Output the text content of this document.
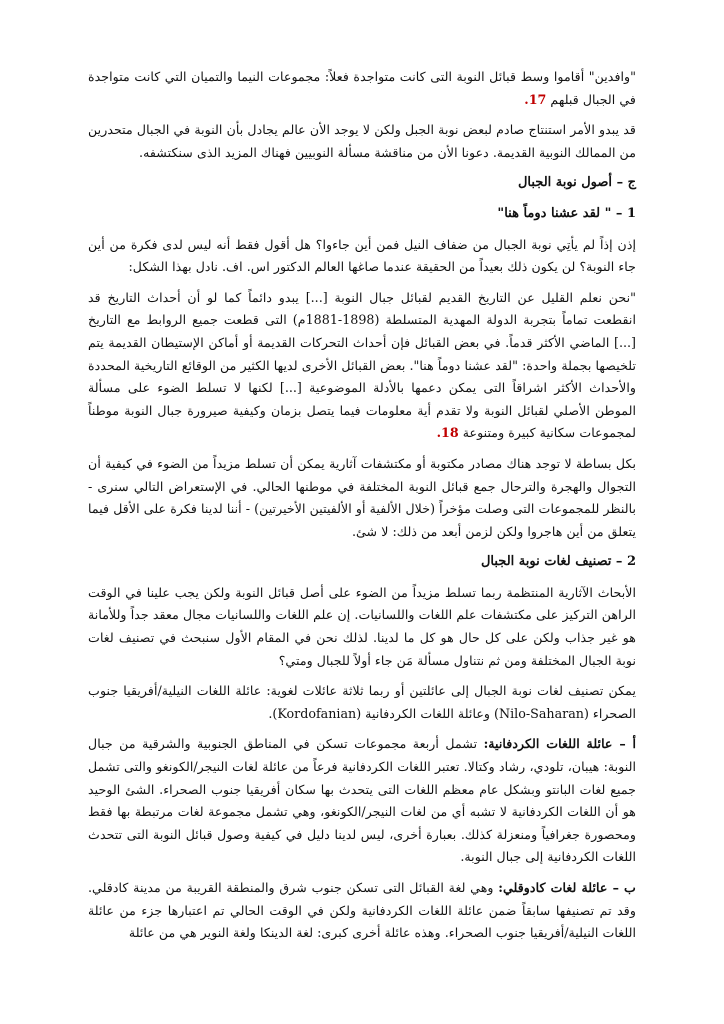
"وافدين" أقاموا وسط قبائل النوبة التى كانت متواجدة فعلاً: مجموعات النيما والتميان التي كانت متواجدة في الجبال قبلهم 17.

قد يبدو الأمر استنتاج صادم لبعض نوبة الجبل ولكن لا يوجد الأن عالم يجادل بأن النوبة في الجبال متحدرين من الممالك النوبية القديمة. دعونا الأن من مناقشة مسألة النوبيين فهناك المزيد الذى سنكتشفه.

ج – أصول نوبة الجبال
1 – " لقد عشنا دوماً هنا"

إذن إذاً لم يأتِي نوبة الجبال من ضفاف النيل فمن أين جاءوا؟ هل أقول فقط أنه ليس لدى فكرة من أين جاء النوبة؟ لن يكون ذلك بعيداً من الحقيقة عندما صاغها العالم الدكتور اس. اف. نادل بهذا الشكل:

"نحن نعلم القليل عن التاريخ القديم لقبائل جبال النوبة [...] يبدو دائماً كما لو أن أحداث التاريخ قد انقطعت تماماً بتجربة الدولة المهدية المتسلطة (1898-1881م) التى قطعت جميع الروابط مع التاريخ [...] الماضي الأكثر قدماً. في بعض القبائل فإن أحداث التحركات القديمة أو أماكن الإستيطان القديمة يتم تلخيصها بجملة واحدة: "لقد عشنا دوماً هنا". بعض القبائل الأخرى لديها الكثير من الوقائع التاريخية المحددة والأحداث الأكثر اشراقاً التى يمكن دعمها بالأدلة الموضوعية [...] لكنها لا تسلط الضوء على مسألة الموطن الأصلي لقبائل النوبة ولا تقدم أية معلومات فيما يتصل بزمان وكيفية صيرورة جبال النوبة موطناً لمجموعات سكانية كبيرة ومتنوعة 18.

بكل بساطة لا توجد هناك مصادر مكتوبة أو مكتشفات آثارية يمكن أن تسلط مزيداً من الضوء في كيفية أن التجوال والهجرة والترحال جمع قبائل النوبة المختلفة في موطنها الحالي. في الإستعراض التالي سنرى - بالنظر للمجموعات التى وصلت مؤخراً (خلال الألفية أو الألفيتين الأخيرتين) - أننا لدينا فكرة على الأقل فيما يتعلق من أين هاجروا ولكن لزمن أبعد من ذلك: لا شئ.

2 – تصنيف لغات نوبة الجبال

الأبحاث الآثارية المنتظمة ربما تسلط مزيداً من الضوء على أصل قبائل النوبة ولكن يجب علينا في الوقت الراهن التركيز على مكتشفات علم اللغات واللسانيات. إن علم اللغات واللسانيات مجال معقد جداً وللأمانة هو غير جذاب ولكن على كل حال هو كل ما لدينا. لذلك نحن في المقام الأول سنبحث في تصنيف لغات نوبة الجبال المختلفة ومن ثم نتناول مسألة مَن جاء أولاً للجبال ومتي؟

يمكن تصنيف لغات نوبة الجبال إلى عائلتين أو ربما ثلاثة عائلات لغوية: عائلة اللغات النيلية/أفريقيا جنوب الصحراء (Nilo-Saharan) وعائلة اللغات الكردفانية (Kordofanian).

أ – عائلة اللغات الكردفانية: تشمل أربعة مجموعات تسكن في المناطق الجنوبية والشرقية من جبال النوبة: هيبان، تلودي، رشاد وكتالا. تعتبر اللغات الكردفانية فرعاً من عائلة لغات النيجر/الكونغو والتى تشمل جميع لغات البانتو وبشكل عام معظم اللغات التى يتحدث بها سكان أفريقيا جنوب الصحراء. الشئ الوحيد هو أن اللغات الكردفانية لا تشبه أي من لغات النيجر/الكونغو، وهي تشمل مجموعة لغات مرتبطة بها فقط ومحصورة جغرافياً ومنعزلة كذلك. بعبارة أخرى، ليس لدينا دليل في كيفية وصول قبائل النوبة التى تتحدث اللغات الكردفانية إلى جبال النوبة.

ب – عائلة لغات كادوقلي: وهي لغة القبائل التى تسكن جنوب شرق والمنطقة القريبة من مدينة كادقلي. وقد تم تصنيفها سابقاً ضمن عائلة اللغات الكردفانية ولكن في الوقت الحالي تم اعتبارها جزء من عائلة اللغات النيلية/أفريقيا جنوب الصحراء. وهذه عائلة أخرى كبرى: لغة الدينكا ولغة النوير هي من عائلة
